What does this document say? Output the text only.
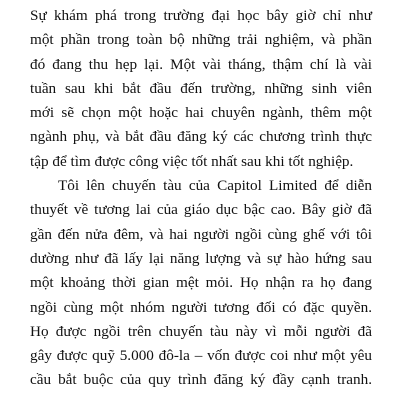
Sự khám phá trong trường đại học bây giờ chỉ như
một phần trong toàn bộ những trải nghiệm, và phần
đó đang thu hẹp lại. Một vài tháng, thậm chí là vài
tuần sau khi bắt đầu đến trường, những sinh viên
mới sẽ chọn một hoặc hai chuyên ngành, thêm một
ngành phụ, và bắt đầu đăng ký các chương trình thực
tập để tìm được công việc tốt nhất sau khi tốt nghiệp.
Tôi lên chuyến tàu của Capitol Limited để diễn
thuyết về tương lai của giáo dục bậc cao. Bây giờ đã
gần đến nửa đêm, và hai người ngồi cùng ghế với tôi
dường như đã lấy lại năng lượng và sự hào hứng sau
một khoảng thời gian mệt mỏi. Họ nhận ra họ đang
ngồi cùng một nhóm người tương đối có đặc quyền.
Họ được ngồi trên chuyến tàu này vì mỗi người đã
gây được quỹ 5.000 đô-la – vốn được coi như một yêu
cầu bắt buộc của quy trình đăng ký đầy cạnh tranh.
